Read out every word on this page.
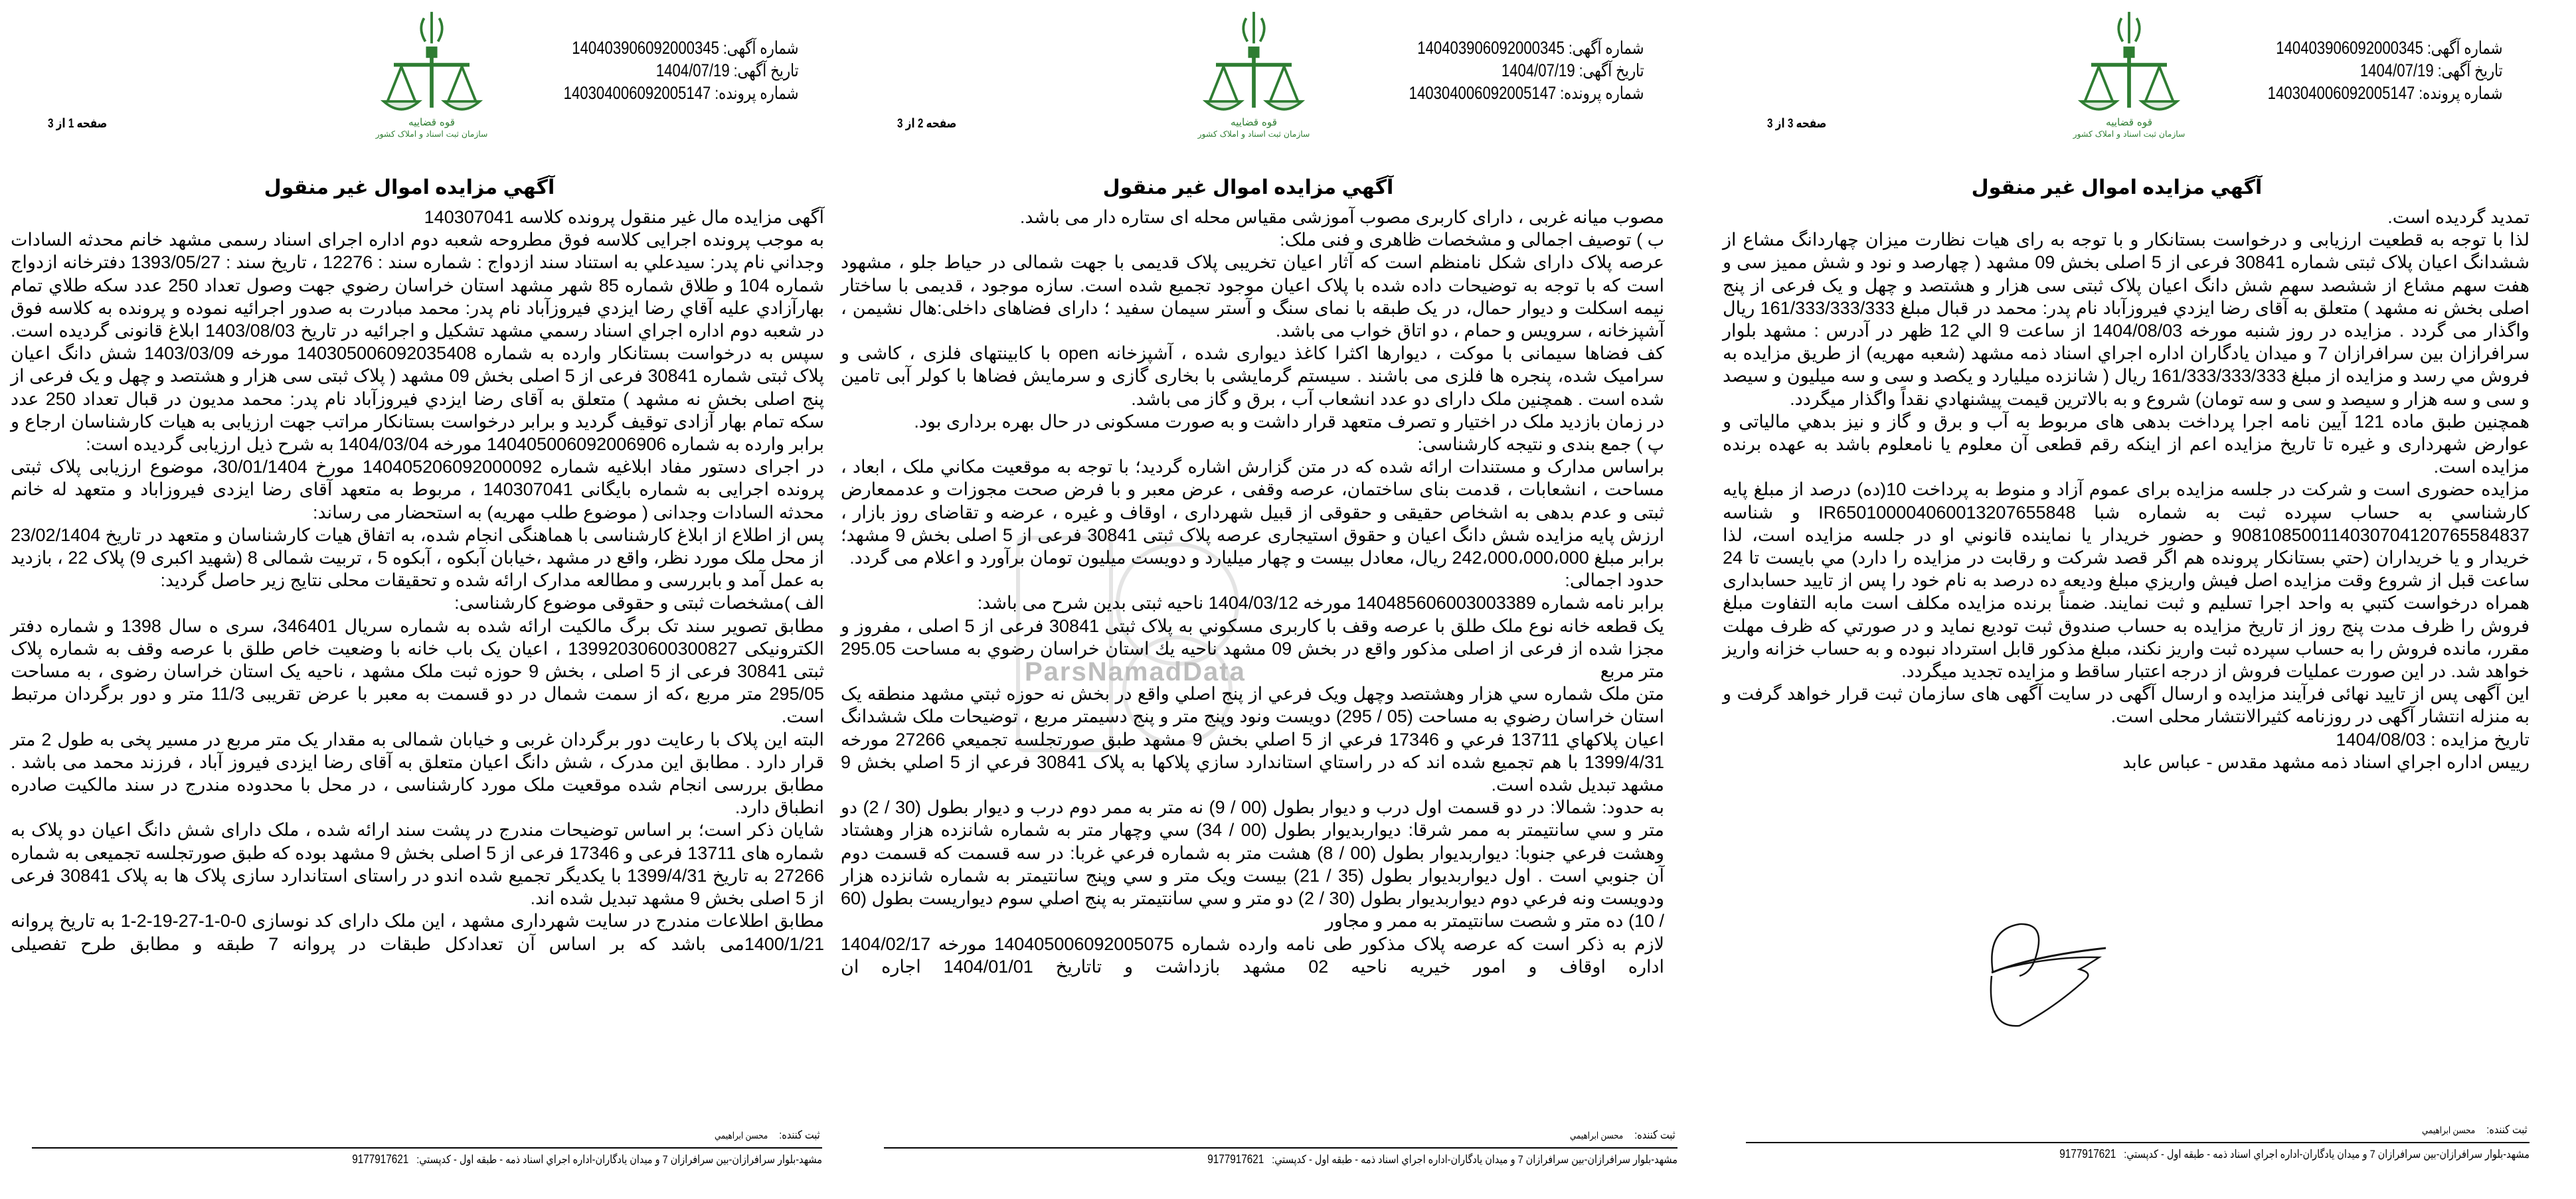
قوه قضاییه
سازمان ثبت اسناد و املاک کشور
شماره آگهی: 140403906092000345
تاریخ آگهی: 1404/07/19
شماره پرونده: 140304006092005147
صفحه 1 از 3
آگهي مزايده اموال غير منقول

آگهی مزایده مال غیر منقول پرونده کلاسه 140307041

به موجب پرونده اجرایی کلاسه فوق مطروحه شعبه دوم اداره اجرای اسناد رسمی مشهد خانم محدثه السادات وجداني نام پدر: سیدعلي به استناد سند ازدواج : شماره سند : 12276 ، تاریخ سند : 1393/05/27 دفترخانه ازدواج شماره 104 و طلاق شماره 85 شهر مشهد استان خراسان رضوي جهت وصول تعداد 250 عدد سکه طلاي تمام بهارآزادي عليه آقاي رضا ايزدي فيروزآباد نام پدر: محمد مبادرت به صدور اجرائیه نموده و پرونده به کلاسه فوق در شعبه دوم اداره اجراي اسناد رسمي مشهد تشکیل و اجرائیه در تاریخ 1403/08/03 ابلاغ قانونی گردیده است. سپس به درخواست بستانکار وارده به شماره 140305006092035408 مورخه 1403/03/09 شش دانگ اعیان پلاک ثبتی شماره 30841 فرعی از 5 اصلی بخش 09 مشهد ( پلاک ثبتی سی هزار و هشتصد و چهل و یک فرعی از پنج اصلی بخش نه مشهد ) متعلق به آقای رضا ایزدي فيروزآباد نام پدر: محمد مدیون در قبال تعداد 250 عدد سکه تمام بهار آزادی توقیف گردید و برابر درخواست بستانکار مراتب جهت ارزیابی به هیات کارشناسان ارجاع و برابر وارده به شماره 140405006092006906 مورخه 1404/03/04 به شرح ذیل ارزیابی گردیده است:

در اجرای دستور مفاد ابلاغیه شماره 140405206092000092 مورخ 30/01/1404، موضوع ارزیابی پلاک ثبتی پرونده اجرایی به شماره بایگانی 140307041 ، مربوط به متعهد آقای رضا ایزدی فیروزاباد و متعهد له خانم محدثه السادات وجدانی ( موضوع طلب مهریه) به استحضار می رساند:

پس از اطلاع از ابلاغ کارشناسی با هماهنگی انجام شده، به اتفاق هیات کارشناسان و متعهد در تاریخ 23/02/1404 از محل ملک مورد نظر، واقع در مشهد ،خیابان آبکوه ، آبکوه 5 ، تربیت شمالی 8 (شهید اکبری 9) پلاک 22 ، بازدید به عمل آمد و بابررسی و مطالعه مدارک ارائه شده و تحقیقات محلی نتایج زیر حاصل گردید:

الف )مشخصات ثبتی و حقوقی موضوع کارشناسی:

مطابق تصویر سند تک برگ مالکیت ارائه شده به شماره سریال 346401، سری ه سال 1398 و شماره دفتر الکترونیکی 13992030600300827 ، اعیان یک باب خانه با وضعیت خاص طلق با عرصه وقف به شماره پلاک ثبتی 30841 فرعی از 5 اصلی ، بخش 9 حوزه ثبت ملک مشهد ، ناحیه یک استان خراسان رضوی ، به مساحت 295/05 متر مربع ،که از سمت شمال در دو قسمت به معبر با عرض تقریبی 11/3 متر و دور برگردان مرتبط است.

البته این پلاک با رعایت دور برگردان غربی و خیابان شمالی به مقدار یک متر مربع در مسیر پخی به طول 2 متر قرار دارد . مطابق این مدرک ، شش دانگ اعیان متعلق به آقای رضا ایزدی فیروز آباد ، فرزند محمد می باشد . مطابق بررسی انجام شده موقعیت ملک مورد کارشناسی ، در محل با محدوده مندرج در سند مالکیت صادره انطباق دارد.

شایان ذکر است؛ بر اساس توضیحات مندرج در پشت سند ارائه شده ، ملک دارای شش دانگ اعیان دو پلاک به شماره های 13711 فرعی و 17346 فرعی از 5 اصلی بخش 9 مشهد بوده که طبق صورتجلسه تجمیعی به شماره 27266 به تاریخ 1399/4/31 با یکدیگر تجمیع شده اندو در راستای استاندارد سازی پلاک ها به پلاک 30841 فرعی از 5 اصلی بخش 9 مشهد تبدیل شده اند.

مطابق اطلاعات مندرج در سایت شهرداری مشهد ، این ملک دارای کد نوسازی 0-0-1-27-19-2-1 به تاریخ پروانه 1400/1/21می باشد که بر اساس آن تعدادکل طبقات در پروانه 7 طبقه و مطابق طرح تفصیلی

ثبت کننده:محسن ابراهيمي
مشهد-بلوار سرافرازان-بين سرافرازان 7 و ميدان يادگاران-اداره اجراي اسناد ذمه - طبقه اول - کدپستي:9177917621
قوه قضاییه
سازمان ثبت اسناد و املاک کشور
شماره آگهی: 140403906092000345
تاریخ آگهی: 1404/07/19
شماره پرونده: 140304006092005147
صفحه 2 از 3
آگهي مزايده اموال غير منقول
ParsNamadData

مصوب میانه غربی ، دارای کاربری مصوب آموزشی مقیاس محله ای ستاره دار می باشد.

ب ) توصیف اجمالی و مشخصات ظاهری و فنی ملک:

عرصه پلاک دارای شکل نامنظم است که آثار اعیان تخریبی پلاک قدیمی با جهت شمالی در حیاط جلو ، مشهود است که با توجه به توضیحات داده شده با پلاک اعیان موجود تجمیع شده است. سازه موجود ، قدیمی با ساختار نیمه اسکلت و دیوار حمال، در یک طبقه با نمای سنگ و آستر سیمان سفید ؛ دارای فضاهای داخلی:هال نشیمن ، آشپزخانه ، سرویس و حمام ، دو اتاق خواب می باشد.

کف فضاها سیمانی با موکت ، دیوارها اکثرا کاغذ دیواری شده ، آشپزخانه open با کابینتهای فلزی ، کاشی و سرامیک شده، پنجره ها فلزی می باشند . سیستم گرمایشی با بخاری گازی و سرمایش فضاها با کولر آبی تامین شده است . همچنین ملک دارای دو عدد انشعاب آب ، برق و گاز می باشد.

در زمان بازدید ملک در اختیار و تصرف متعهد قرار داشت و به صورت مسکونی در حال بهره برداری بود.

پ ) جمع بندی و نتیجه کارشناسی:

براساس مدارک و مستندات ارائه شده که در متن گزارش اشاره گردید؛ با توجه به موقعیت مکاني ملک ، ابعاد ، مساحت ، انشعابات ، قدمت بنای ساختمان، عرصه وقفی ، عرض معبر و با فرض صحت مجوزات و عدممعارض ثبتی و عدم بدهی به اشخاص حقیقی و حقوقی از قبیل شهرداری ، اوقاف و غیره ، عرضه و تقاضای روز بازار ، ارزش پایه مزایده شش دانگ اعیان و حقوق استیجاری عرصه پلاک ثبتی 30841 فرعی از 5 اصلی بخش 9 مشهد؛ برابر مبلغ 242،000،000،000 ریال، معادل بیست و چهار میلیارد و دویست میلیون تومان برآورد و اعلام می گردد.

حدود اجمالی:

برابر نامه شماره 140485606003003389 مورخه 1404/03/12 ناحیه ثبتی بدین شرح می باشد:

یک قطعه خانه نوع ملک طلق با عرصه وقف با کاربری مسکوني به پلاک ثبتی 30841 فرعی از 5 اصلی ، مفروز و مجزا شده از فرعی از اصلی مذکور واقع در بخش 09 مشهد ناحيه يك استان خراسان رضوي به مساحت 295.05 متر مربع

متن ملک شماره سي هزار وهشتصد وچهل ويک فرعي از پنج اصلي واقع در بخش نه حوزه ثبتي مشهد منطقه يک استان خراسان رضوي به مساحت (05 / 295) دويست ونود وپنج متر و پنج دسيمتر مربع ، توضيحات ملک ششدانگ اعيان پلاکهاي 13711 فرعي و 17346 فرعي از 5 اصلي بخش 9 مشهد طبق صورتجلسه تجميعي 27266 مورخه 1399/4/31 با هم تجميع شده اند که در راستاي استاندارد سازي پلاکها به پلاک 30841 فرعي از 5 اصلي بخش 9 مشهد تبديل شده است.

به حدود: شمالا: در دو قسمت اول درب و ديوار بطول (00 / 9) نه متر به ممر دوم درب و ديوار بطول (30 / 2) دو متر و سي سانتيمتر به ممر شرقا: ديواربديوار بطول (00 / 34) سي وچهار متر به شماره شانزده هزار وهشتاد وهشت فرعي جنوبا: ديواربديوار بطول (00 / 8) هشت متر به شماره فرعي غربا: در سه قسمت که قسمت دوم آن جنوبي است . اول ديواربديوار بطول (35 / 21) بيست ويک متر و سي وپنج سانتيمتر به شماره شانزده هزار ودويست ونه فرعي دوم ديواربديوار بطول (30 / 2) دو متر و سي سانتيمتر به پنج اصلي سوم ديواريست بطول (60 / 10) ده متر و شصت سانتيمتر به ممر و مجاور

لازم به ذکر است که عرصه پلاک مذکور طی نامه وارده شماره 140405006092005075 مورخه 1404/02/17 اداره اوقاف و امور خیریه ناحیه 02 مشهد بازداشت و تاتاریخ 1404/01/01 اجاره ان

ثبت کننده:محسن ابراهيمي
مشهد-بلوار سرافرازان-بين سرافرازان 7 و ميدان يادگاران-اداره اجراي اسناد ذمه - طبقه اول - کدپستي:9177917621
قوه قضاییه
سازمان ثبت اسناد و املاک کشور
شماره آگهی: 140403906092000345
تاریخ آگهی: 1404/07/19
شماره پرونده: 140304006092005147
صفحه 3 از 3
آگهي مزايده اموال غير منقول

تمدید گردیده است.

لذا با توجه به قطعیت ارزیابی و درخواست بستانکار و با توجه به رای هیات نظارت میزان چهاردانگ مشاع از ششدانگ اعیان پلاک ثبتی شماره 30841 فرعی از 5 اصلی بخش 09 مشهد ( چهارصد و نود و شش ممیز سی و هفت سهم مشاع از ششصد سهم شش دانگ اعیان پلاک ثبتی سی هزار و هشتصد و چهل و یک فرعی از پنج اصلی بخش نه مشهد ) متعلق به آقای رضا ایزدي فيروزآباد نام پدر: محمد در قبال مبلغ 161/333/333/333 ریال واگذار می گردد . مزایده در روز شنبه مورخه 1404/08/03 از ساعت 9 الي 12 ظهر در آدرس : مشهد بلوار سرافرازان بین سرافرازان 7 و میدان یادگاران اداره اجراي اسناد ذمه مشهد (شعبه مهریه) از طریق مزایده به فروش مي رسد و مزایده از مبلغ 161/333/333/333 ریال ( شانزده میلیارد و یکصد و سی و سه میلیون و سیصد و سی و سه هزار و سیصد و سی و سه تومان) شروع و به بالاترين قيمت پيشنهادي نقداً واگذار میگردد.

همچنین طبق ماده 121 آیین نامه اجرا پرداخت بدهی های مربوط به آب و برق و گاز و نیز بدهي مالیاتی و عوارض شهرداری و غیره تا تاریخ مزایده اعم از اینکه رقم قطعی آن معلوم یا نامعلوم باشد به عهده برنده مزایده است.

مزایده حضوری است و شرکت در جلسه مزایده برای عموم آزاد و منوط به پرداخت 10(ده) درصد از مبلغ پايه کارشناسي به حساب سپرده ثبت به شماره شبا IR650100004060013207655848 و شناسه 908108500114030704120765584837 و حضور خريدار يا نماينده قانوني او در جلسه مزايده است، لذا خريدار و يا خريداران (حتي بستانکار پرونده هم اگر قصد شرکت و رقابت در مزايده را دارد) مي بايست تا 24 ساعت قبل از شروع وقت مزايده اصل فيش واريزي مبلغ وديعه ده درصد به نام خود را پس از تاييد حسابداری همراه درخواست کتبي به واحد اجرا تسليم و ثبت نمايند. ضمناً برنده مزايده مکلف است مابه التفاوت مبلغ فروش را ظرف مدت پنج روز از تاريخ مزايده به حساب صندوق ثبت توديع نمايد و در صورتي که ظرف مهلت مقرر، مانده فروش را به حساب سپرده ثبت واريز نکند، مبلغ مذکور قابل استرداد نبوده و به حساب خزانه واريز خواهد شد. در اين صورت عمليات فروش از درجه اعتبار ساقط و مزايده تجديد ميگردد.

این آگهی پس از تایید نهائی فرآیند مزایده و ارسال آگهی در سایت آگهی های سازمان ثبت قرار خواهد گرفت و به منزله انتشار آگهی در روزنامه کثیرالانتشار محلی است.

تاریخ مزایده : 1404/08/03

رییس اداره اجراي اسناد ذمه مشهد مقدس - عباس عابد

ثبت کننده:محسن ابراهيمي
مشهد-بلوار سرافرازان-بين سرافرازان 7 و ميدان يادگاران-اداره اجراي اسناد ذمه - طبقه اول - کدپستي:9177917621
